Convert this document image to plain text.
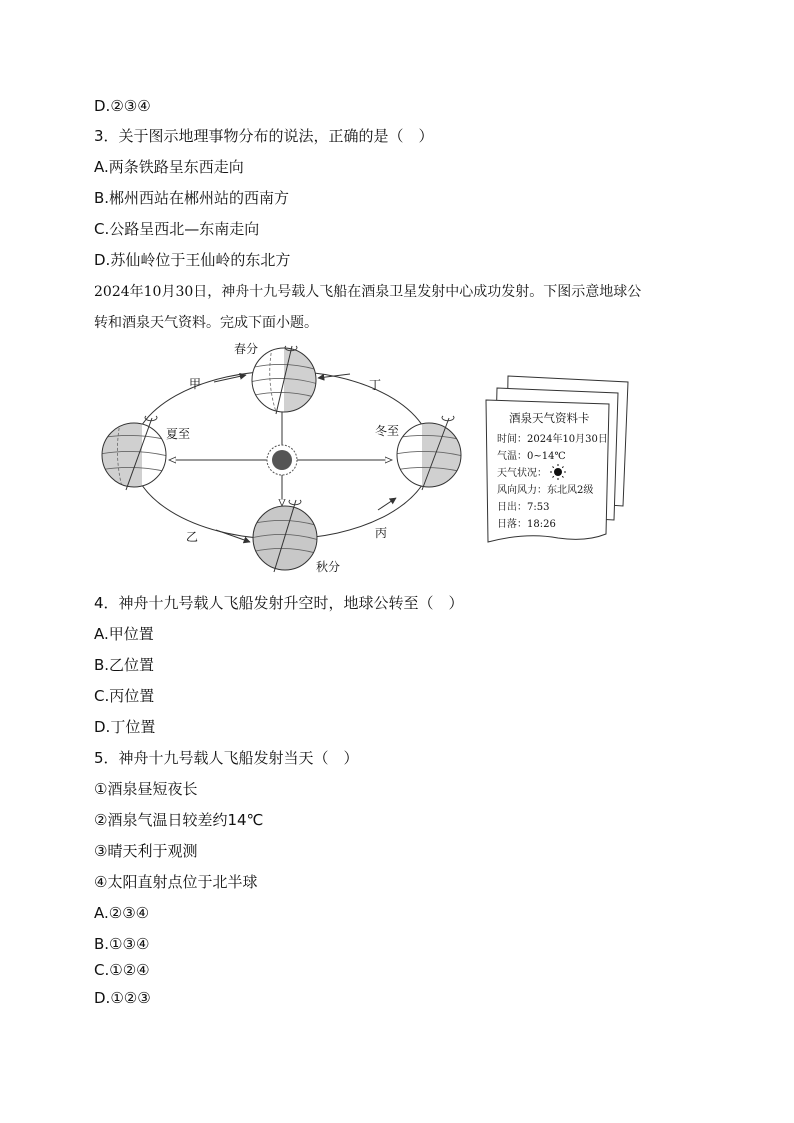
D.②③④
3．关于图示地理事物分布的说法，正确的是（　）
A.两条铁路呈东西走向
B.郴州西站在郴州站的西南方
C.公路呈西北—东南走向
D.苏仙岭位于王仙岭的东北方
2024年10月30日，神舟十九号载人飞船在酒泉卫星发射中心成功发射。下图示意地球公
转和酒泉天气资料。完成下面小题。
春分
夏至	冬至
秋分
甲
乙	丙
丁
酒泉天气资料卡
时间：2024年10月30日
气温：0~14℃
天气状况：
风向风力：东北风2级
日出：7:53
日落：18:26
4．神舟十九号载人飞船发射升空时，地球公转至（　）
A.甲位置
B.乙位置
C.丙位置
D.丁位置
5．神舟十九号载人飞船发射当天（　）
①酒泉昼短夜长
②酒泉气温日较差约14℃
③晴天利于观测
④太阳直射点位于北半球
A.②③④
B.①③④
C.①②④
D.①②③
